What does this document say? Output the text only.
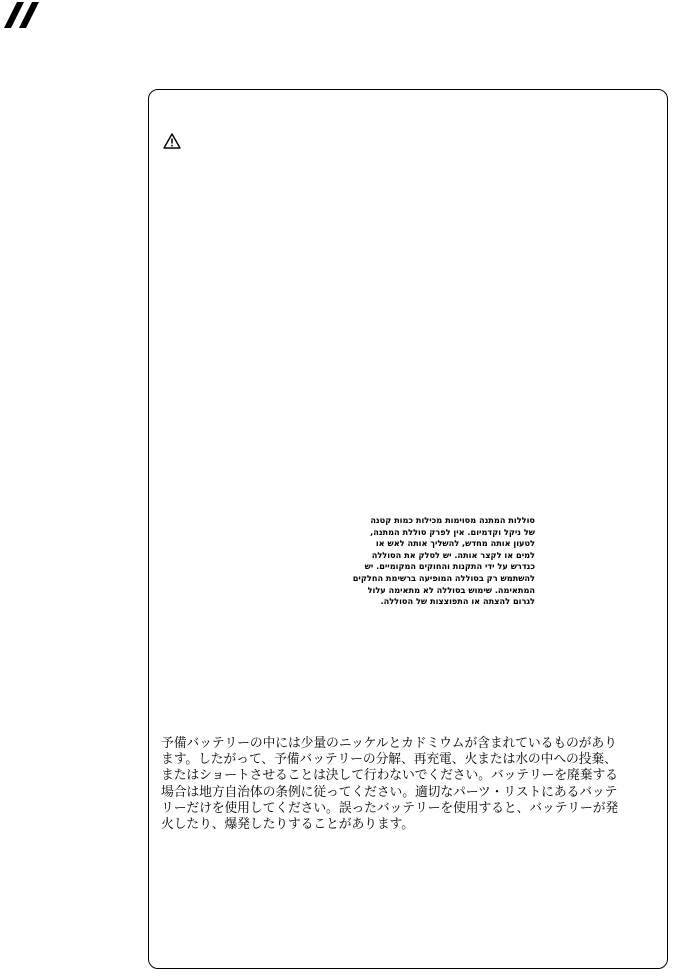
סוללות המתנה מסוימות מכילות כמות קטנה
של ניקל וקדמיום. אין לפרק סוללת המתנה,
לטעון אותה מחדש, להשליך אותה לאש או
למים או לקצר אותה. יש לסלק את הסוללה
כנדרש על ידי התקנות והחוקים המקומיים. יש
להשתמש רק בסוללה המופיעה ברשימת החלקים
המתאימה. שימוש בסוללה לא מתאימה עלול
לגרום להצתה או התפוצצות של הסוללה.
予備バッテリーの中には少量のニッケルとカドミウムが含まれているものがあり
ます。したがって、予備バッテリーの分解、再充電、火または水の中への投棄、
またはショートさせることは決して行わないでください。バッテリーを廃棄する
場合は地方自治体の条例に従ってください。適切なパーツ・リストにあるバッテ
リーだけを使用してください。誤ったバッテリーを使用すると、バッテリーが発
火したり、爆発したりすることがあります。
